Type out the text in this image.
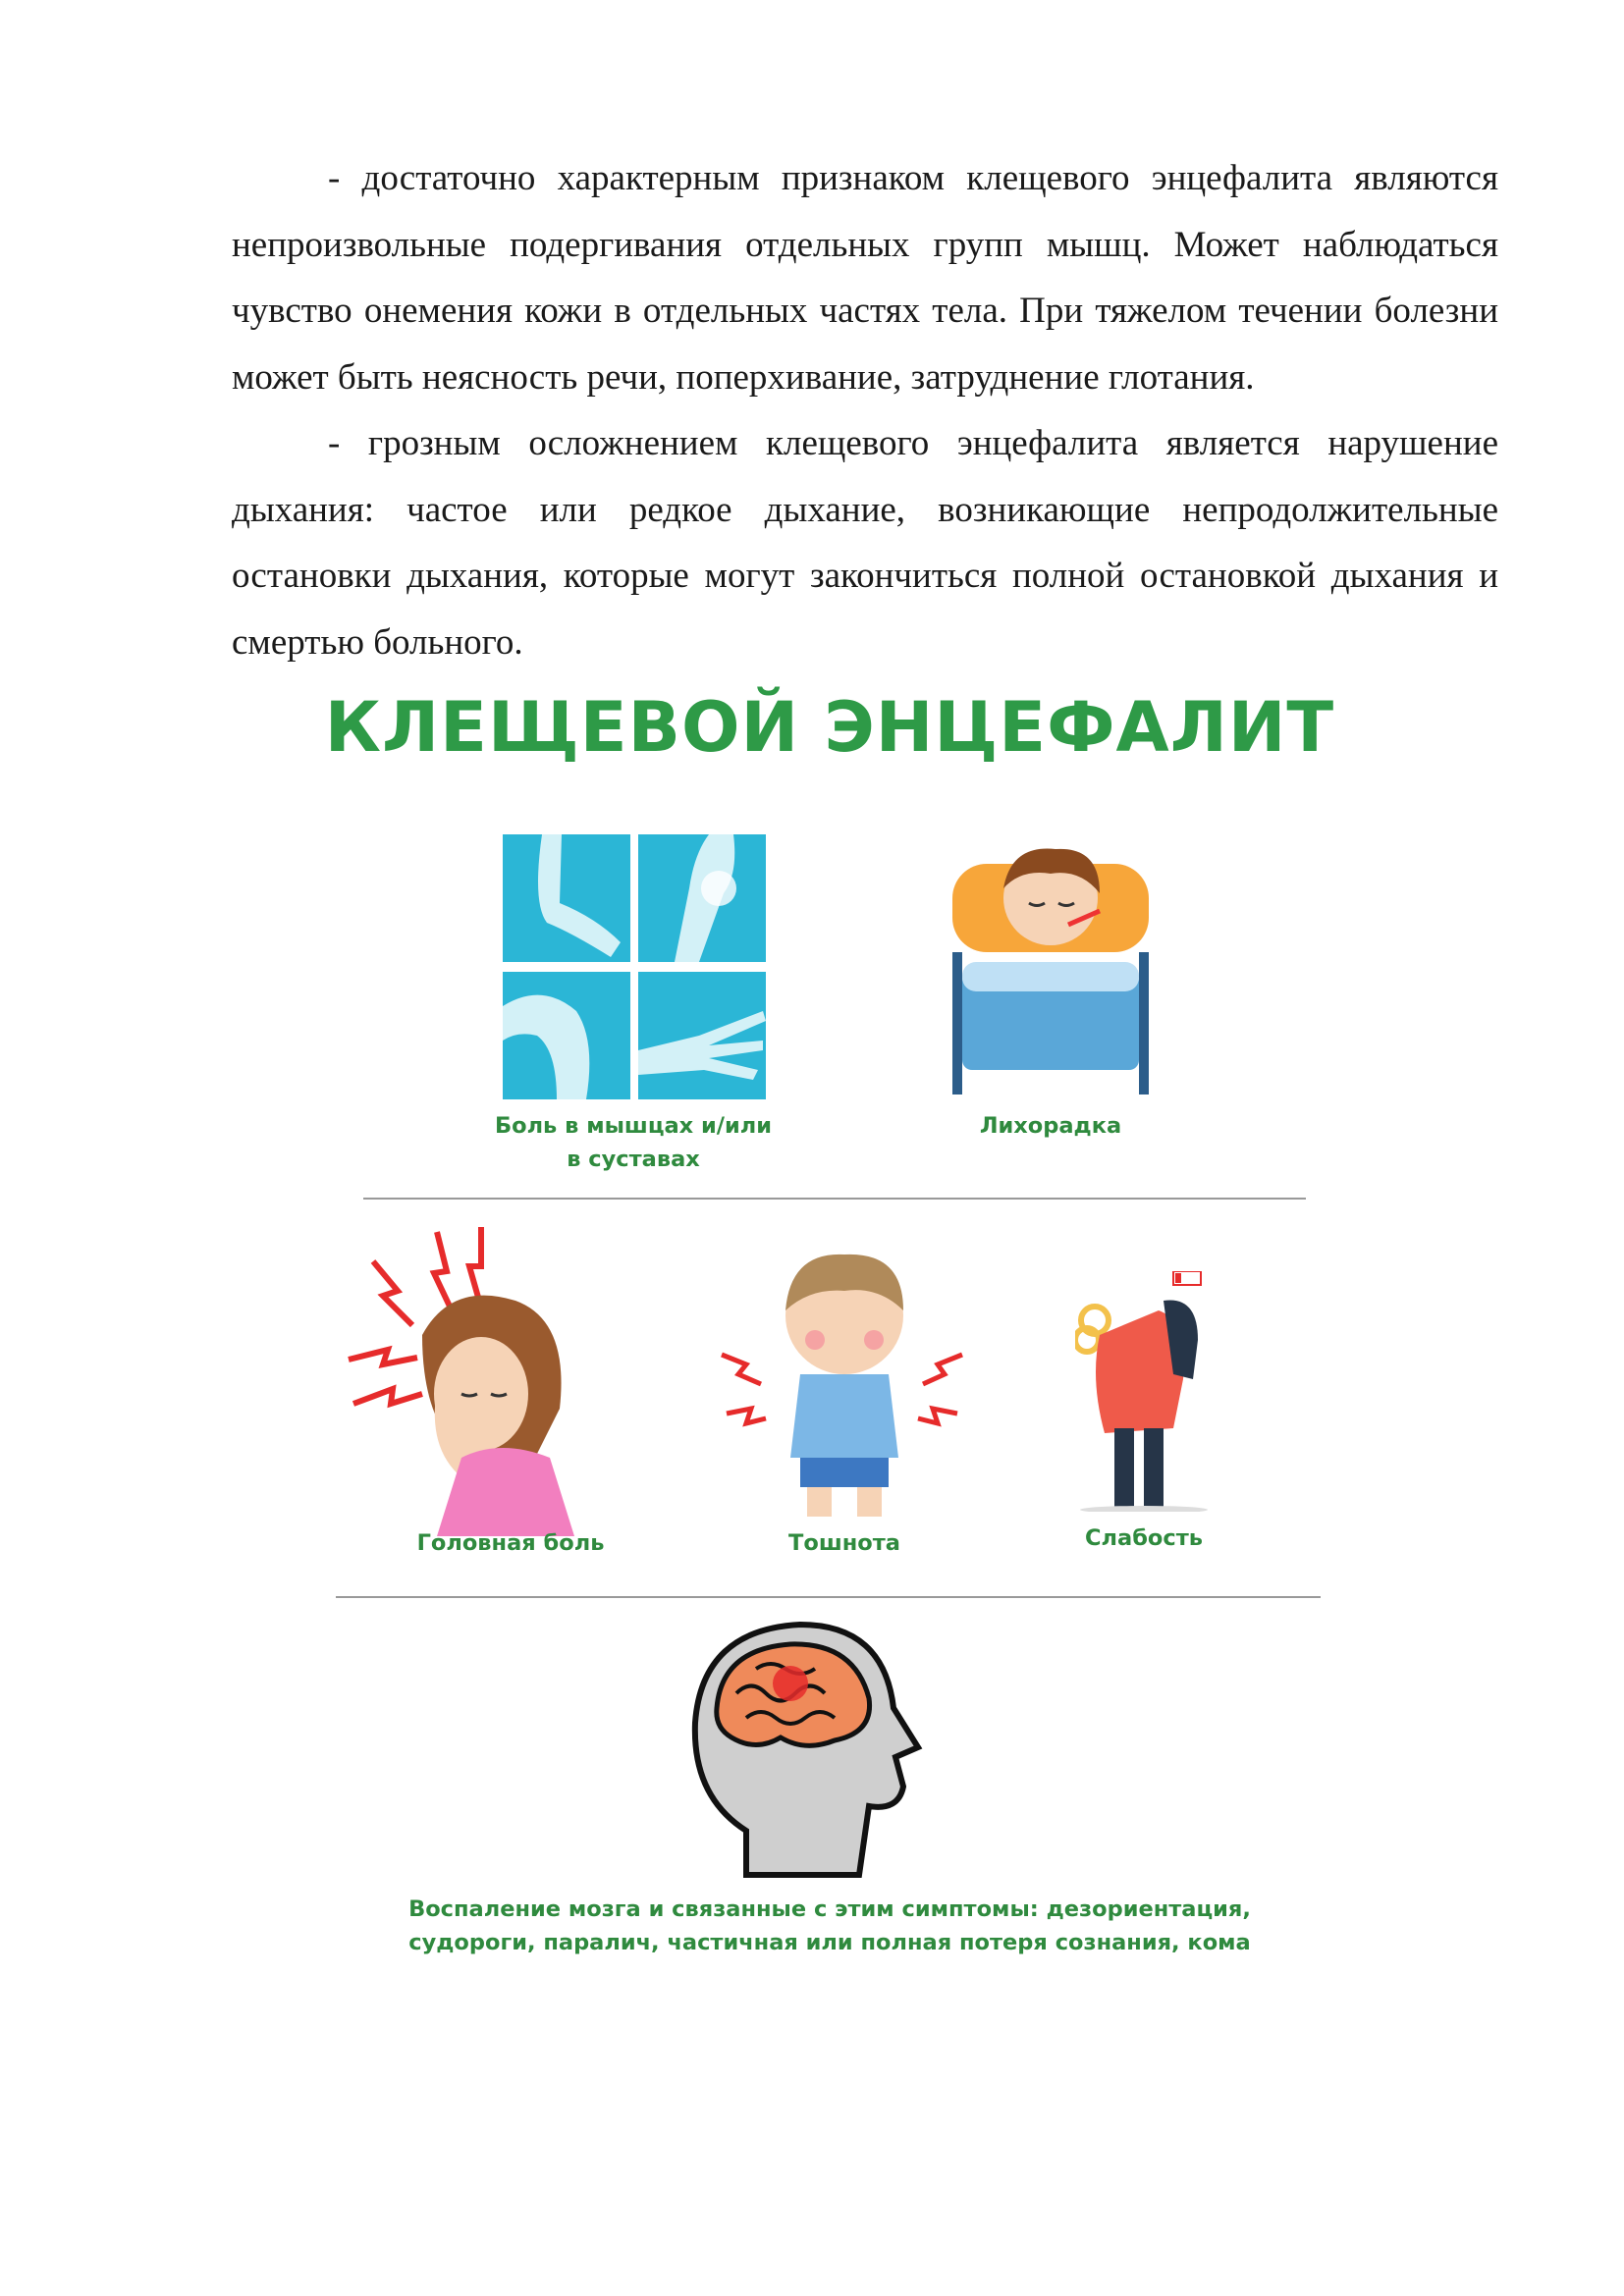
- достаточно характерным признаком клещевого энцефалита являются непроизвольные подергивания отдельных групп мышц. Может наблюдаться чувство онемения кожи в отдельных частях тела. При тяжелом течении болезни может быть неясность речи, поперхивание, затруднение глотания.

- грозным осложнением клещевого энцефалита является нарушение дыхания: частое или редкое дыхание, возникающие непродолжительные остановки дыхания, которые могут закончиться полной остановкой дыхания и смертью больного.

КЛЕЩЕВОЙ ЭНЦЕФАЛИТ
Боль в мышцах и/или
в суставах
Лихорадка
Головная боль	Тошнота	Слабость
Воспаление мозга и связанные с этим симптомы: дезориентация,
судороги, паралич, частичная или полная потеря сознания, кома
